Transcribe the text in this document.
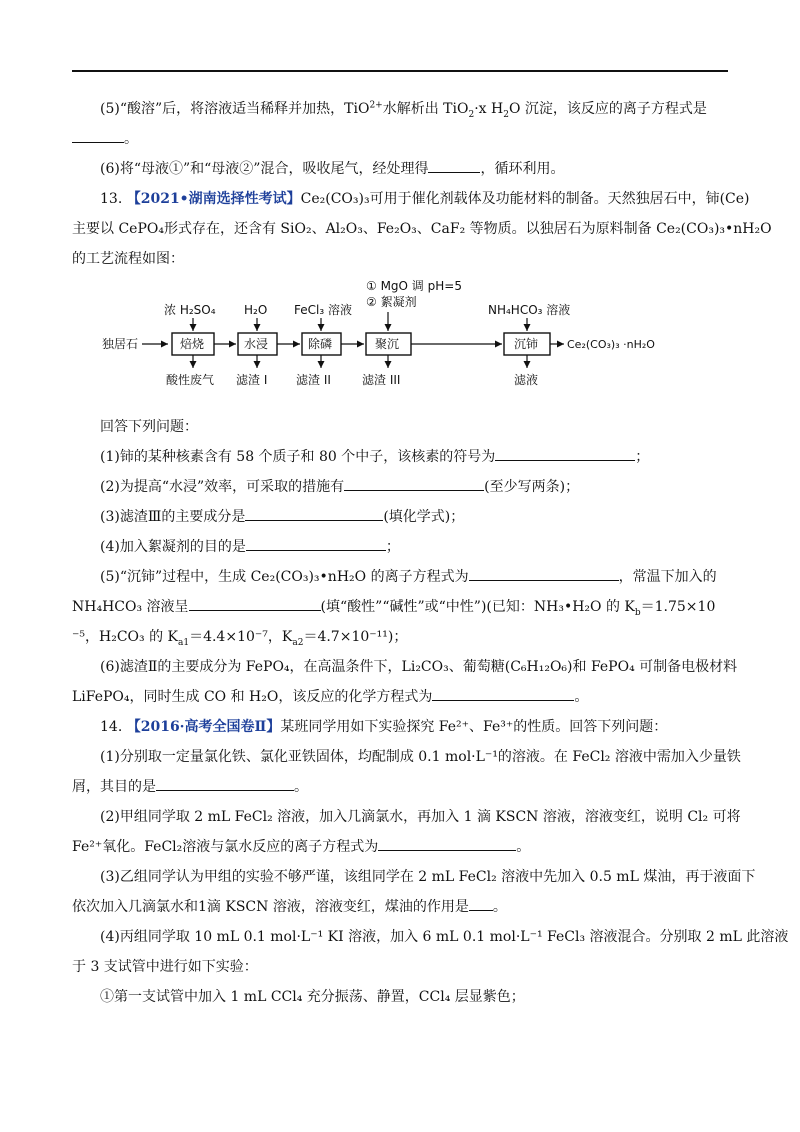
(5)“酸溶”后，将溶液适当稀释并加热，TiO$^{2+}$水解析出 TiO$_2$·x $H_2O$ 沉淀，该反应的离子方程式是
。
(6)将“母液①”和“母液②”混合，吸收尾气，经处理得	，循环利用。
13. 【2021•湖南选择性考试】Ce₂(CO₃)₃可用于催化剂载体及功能材料的制备。天然独居石中，铈(Ce)
主要以 CePO₄形式存在，还含有 SiO₂、Al₂O₃、Fe₂O₃、CaF₂ 等物质。以独居石为原料制备 Ce₂(CO₃)₃•nH₂O
的工艺流程如图：
独居石	焙烧	水浸	除磷	聚沉	沉铈	Ce₂(CO₃)₃ ·nH₂O
浓 H₂SO₄ H₂O FeCl₃ 溶液
① MgO 调 pH=5
② 絮凝剂
NH₄HCO₃ 溶液
酸性废气 滤渣 I 滤渣 II	滤渣 III	滤液
回答下列问题：
(1)铈的某种核素含有 58 个质子和 80 个中子，该核素的符号为	；
(2)为提高“水浸”效率，可采取的措施有	(至少写两条)；
(3)滤渣Ⅲ的主要成分是	(填化学式)；
(4)加入絮凝剂的目的是	；
(5)“沉铈”过程中，生成 Ce₂(CO₃)₃•nH₂O 的离子方程式为	，常温下加入的
NH₄HCO₃ 溶液呈	(填“酸性”“碱性”或“中性”)(已知：NH₃•H₂O 的 $K_b=1.75\times 10$
⁻⁵，H₂CO₃ 的 $K_{a1}=4.4\times 10^{-7}$，$K_{a2}=4.7\times 10^{-11}$)；
(6)滤渣Ⅱ的主要成分为 FePO₄，在高温条件下，Li₂CO₃、葡萄糖(C₆H₁₂O₆)和 FePO₄ 可制备电极材料
LiFePO₄，同时生成 CO 和 H₂O，该反应的化学方程式为	。
14. 【2016·高考全国卷Ⅱ】某班同学用如下实验探究 Fe²⁺、Fe³⁺的性质。回答下列问题：
(1)分别取一定量氯化铁、氯化亚铁固体，均配制成 0.1 mol·L⁻¹的溶液。在 FeCl₂ 溶液中需加入少量铁
屑，其目的是	。
(2)甲组同学取 2 mL FeCl₂ 溶液，加入几滴氯水，再加入 1 滴 KSCN 溶液，溶液变红，说明 Cl₂ 可将
Fe²⁺氧化。FeCl₂溶液与氯水反应的离子方程式为	。
(3)乙组同学认为甲组的实验不够严谨，该组同学在 2 mL FeCl₂ 溶液中先加入 0.5 mL 煤油，再于液面下
依次加入几滴氯水和1滴 KSCN 溶液，溶液变红，煤油的作用是 。
(4)丙组同学取 10 mL 0.1 mol·L⁻¹ KI 溶液，加入 6 mL 0.1 mol·L⁻¹ FeCl₃ 溶液混合。分别取 2 mL 此溶液
于 3 支试管中进行如下实验：
①第一支试管中加入 1 mL CCl₄ 充分振荡、静置，CCl₄ 层显紫色；
